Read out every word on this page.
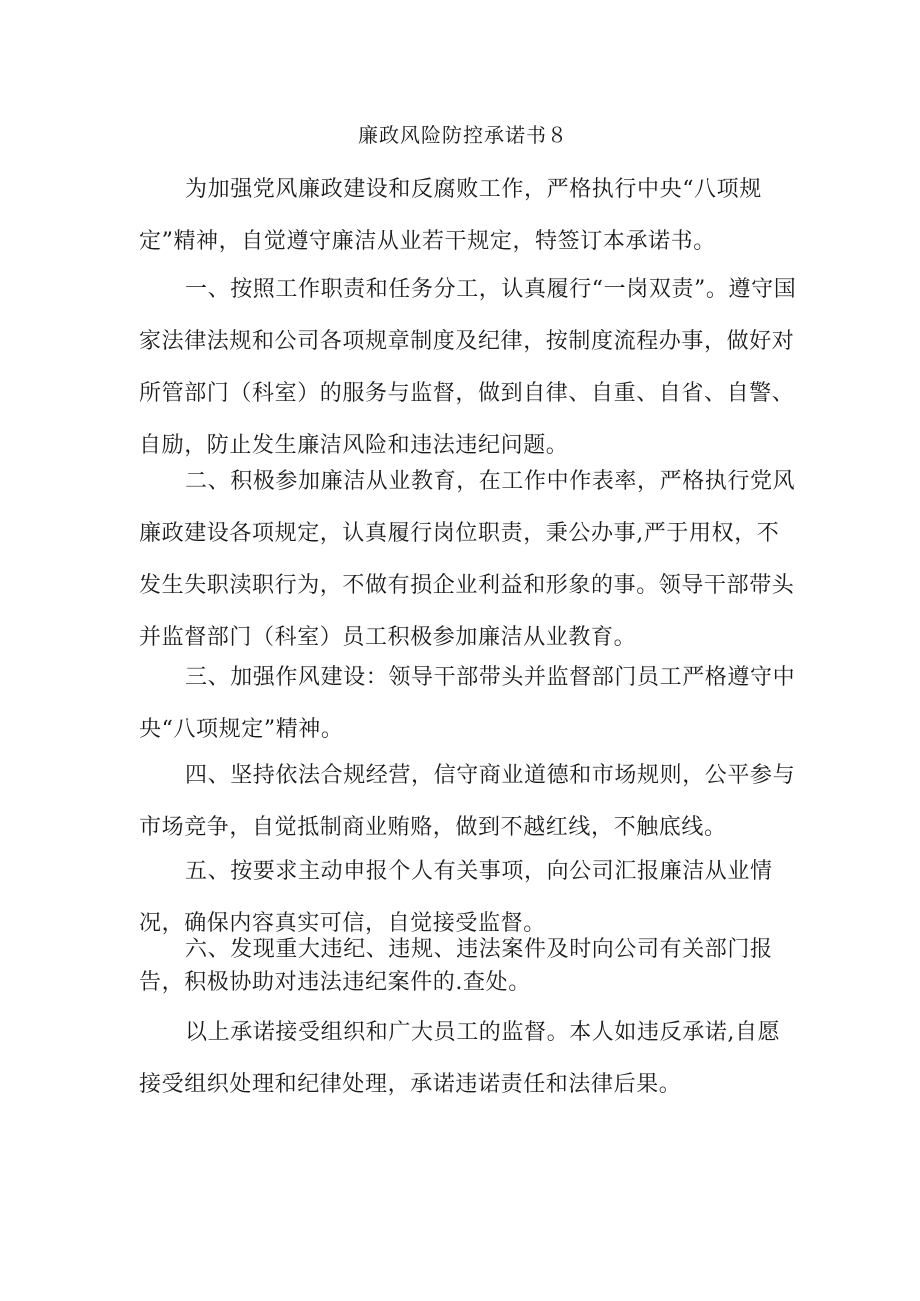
廉政风险防控承诺书８

为加强党风廉政建设和反腐败工作，严格执行中央“八项规定”精神，自觉遵守廉洁从业若干规定，特签订本承诺书。

一、按照工作职责和任务分工，认真履行“一岗双责”。遵守国家法律法规和公司各项规章制度及纪律，按制度流程办事，做好对所管部门（科室）的服务与监督，做到自律、自重、自省、自警、自励，防止发生廉洁风险和违法违纪问题。

二、积极参加廉洁从业教育，在工作中作表率，严格执行党风廉政建设各项规定，认真履行岗位职责，秉公办事,严于用权，不发生失职渎职行为，不做有损企业利益和形象的事。领导干部带头并监督部门（科室）员工积极参加廉洁从业教育。

三、加强作风建设：领导干部带头并监督部门员工严格遵守中央“八项规定”精神。

四、坚持依法合规经营，信守商业道德和市场规则，公平参与市场竞争，自觉抵制商业贿赂，做到不越红线，不触底线。

五、按要求主动申报个人有关事项，向公司汇报廉洁从业情况，确保内容真实可信，自觉接受监督。

六、发现重大违纪、违规、违法案件及时向公司有关部门报告，积极协助对违法违纪案件的.查处。

以上承诺接受组织和广大员工的监督。本人如违反承诺,自愿接受组织处理和纪律处理，承诺违诺责任和法律后果。
